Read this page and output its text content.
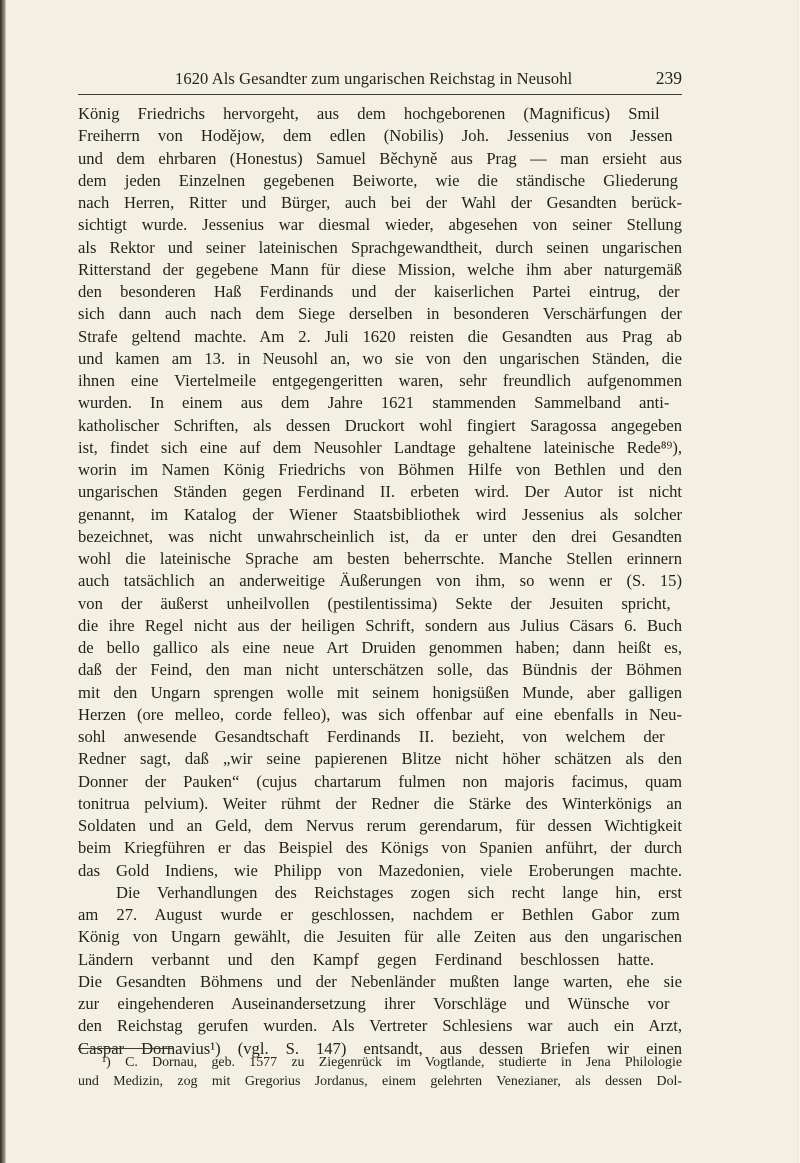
1620 Als Gesandter zum ungarischen Reichstag in Neusohl	239
König Friedrichs hervorgeht, aus dem hochgeborenen (Magnificus) Smil
Freiherrn von Hodějow, dem edlen (Nobilis) Joh. Jessenius von Jessen
und dem ehrbaren (Honestus) Samuel Běchyně aus Prag — man ersieht aus
dem jeden Einzelnen gegebenen Beiworte, wie die ständische Gliederung
nach Herren, Ritter und Bürger, auch bei der Wahl der Gesandten berück-
sichtigt wurde. Jessenius war diesmal wieder, abgesehen von seiner Stellung
als Rektor und seiner lateinischen Sprachgewandtheit, durch seinen ungarischen
Ritterstand der gegebene Mann für diese Mission, welche ihm aber naturgemäß
den besonderen Haß Ferdinands und der kaiserlichen Partei eintrug, der
sich dann auch nach dem Siege derselben in besonderen Verschärfungen der
Strafe geltend machte. Am 2. Juli 1620 reisten die Gesandten aus Prag ab
und kamen am 13. in Neusohl an, wo sie von den ungarischen Ständen, die
ihnen eine Viertelmeile entgegengeritten waren, sehr freundlich aufgenommen
wurden. In einem aus dem Jahre 1621 stammenden Sammelband anti-
katholischer Schriften, als dessen Druckort wohl fingiert Saragossa angegeben
ist, findet sich eine auf dem Neusohler Landtage gehaltene lateinische Rede⁸⁹),
worin im Namen König Friedrichs von Böhmen Hilfe von Bethlen und den
ungarischen Ständen gegen Ferdinand II. erbeten wird. Der Autor ist nicht
genannt, im Katalog der Wiener Staatsbibliothek wird Jessenius als solcher
bezeichnet, was nicht unwahrscheinlich ist, da er unter den drei Gesandten
wohl die lateinische Sprache am besten beherrschte. Manche Stellen erinnern
auch tatsächlich an anderweitige Äußerungen von ihm, so wenn er (S. 15)
von der äußerst unheilvollen (pestilentissima) Sekte der Jesuiten spricht,
die ihre Regel nicht aus der heiligen Schrift, sondern aus Julius Cäsars 6. Buch
de bello gallico als eine neue Art Druiden genommen haben; dann heißt es,
daß der Feind, den man nicht unterschätzen solle, das Bündnis der Böhmen
mit den Ungarn sprengen wolle mit seinem honigsüßen Munde, aber galligen
Herzen (ore melleo, corde felleo), was sich offenbar auf eine ebenfalls in Neu-
sohl anwesende Gesandtschaft Ferdinands II. bezieht, von welchem der
Redner sagt, daß „wir seine papierenen Blitze nicht höher schätzen als den
Donner der Pauken“ (cujus chartarum fulmen non majoris facimus, quam
tonitrua pelvium). Weiter rühmt der Redner die Stärke des Winterkönigs an
Soldaten und an Geld, dem Nervus rerum gerendarum, für dessen Wichtigkeit
beim Kriegführen er das Beispiel des Königs von Spanien anführt, der durch
das Gold Indiens, wie Philipp von Mazedonien, viele Eroberungen machte.
Die Verhandlungen des Reichstages zogen sich recht lange hin, erst
am 27. August wurde er geschlossen, nachdem er Bethlen Gabor zum
König von Ungarn gewählt, die Jesuiten für alle Zeiten aus den ungarischen
Ländern verbannt und den Kampf gegen Ferdinand beschlossen hatte.
Die Gesandten Böhmens und der Nebenländer mußten lange warten, ehe sie
zur eingehenderen Auseinandersetzung ihrer Vorschläge und Wünsche vor
den Reichstag gerufen wurden. Als Vertreter Schlesiens war auch ein Arzt,
Caspar Dornavius¹) (vgl. S. 147) entsandt, aus dessen Briefen wir einen
¹) C. Dornau, geb. 1577 zu Ziegenrück im Vogtlande, studierte in Jena Philologie
und Medizin, zog mit Gregorius Jordanus, einem gelehrten Venezianer, als dessen Dol-
